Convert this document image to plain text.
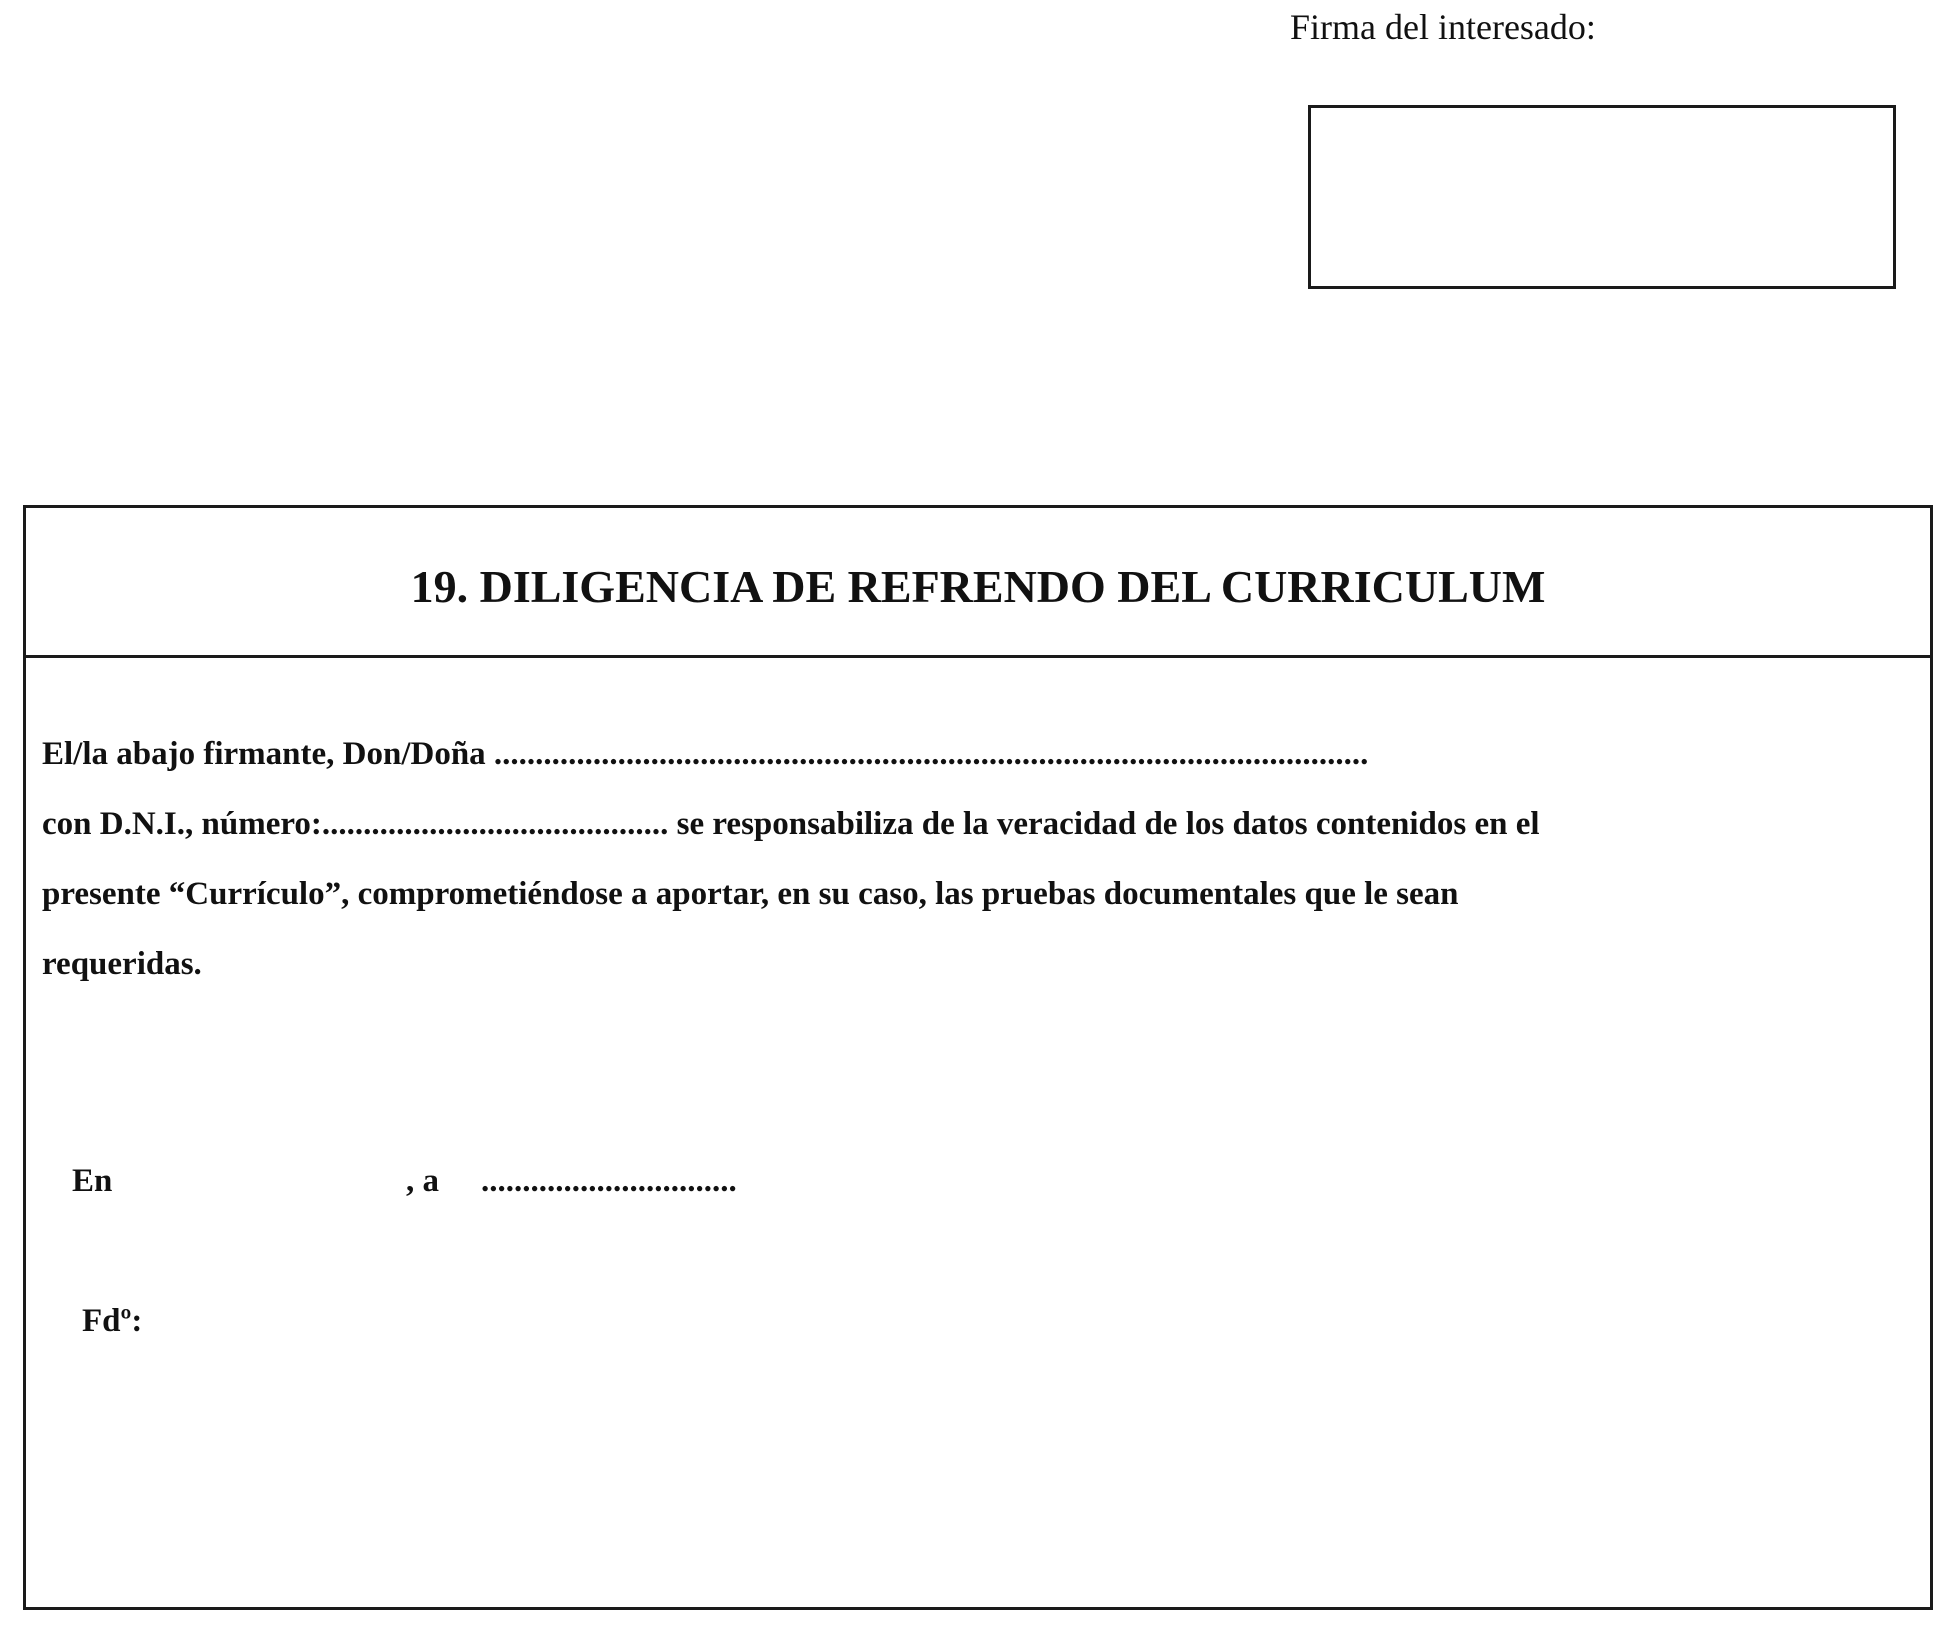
Firma del interesado:
19. DILIGENCIA DE REFRENDO DEL CURRICULUM
El/la abajo firmante, Don/Doña ..........................................................................................................
con D.N.I., número:.......................................... se responsabiliza de la veracidad de los datos contenidos en el
presente “Currículo”, comprometiéndose a aportar, en su caso, las pruebas documentales que le sean
requeridas.
En	, a ...............................
Fdº:
